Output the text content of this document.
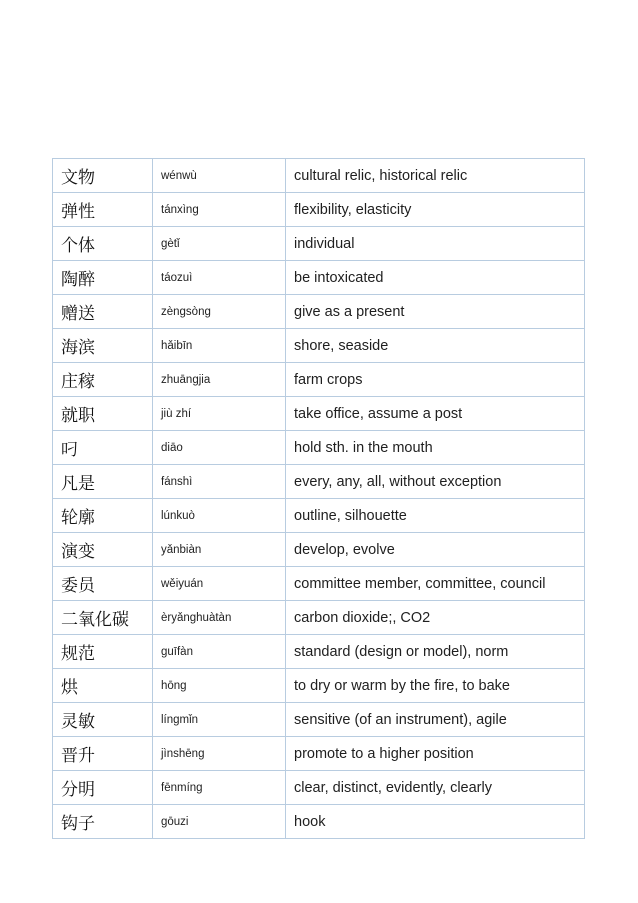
文物	wénwù	cultural relic, historical relic
弹性	tánxìng	flexibility, elasticity
个体	gètǐ	individual
陶醉	táozuì	be intoxicated
赠送	zèngsòng	give as a present
海滨	hǎibīn	shore, seaside
庄稼	zhuāngjia	farm crops
就职	jiù zhí	take office, assume a post
叼	diāo	hold sth. in the mouth
凡是	fánshì	every, any, all, without exception
轮廓	lúnkuò	outline, silhouette
演变	yǎnbiàn	develop, evolve
委员	wěiyuán	committee member, committee, council
二氧化碳	èryǎnghuàtàn	carbon dioxide;, CO2
规范	guīfàn	standard (design or model), norm
烘	hōng	to dry or warm by the fire, to bake
灵敏	língmǐn	sensitive (of an instrument), agile
晋升	jìnshēng	promote to a higher position
分明	fēnmíng	clear, distinct, evidently, clearly
钩子	gōuzi	hook
